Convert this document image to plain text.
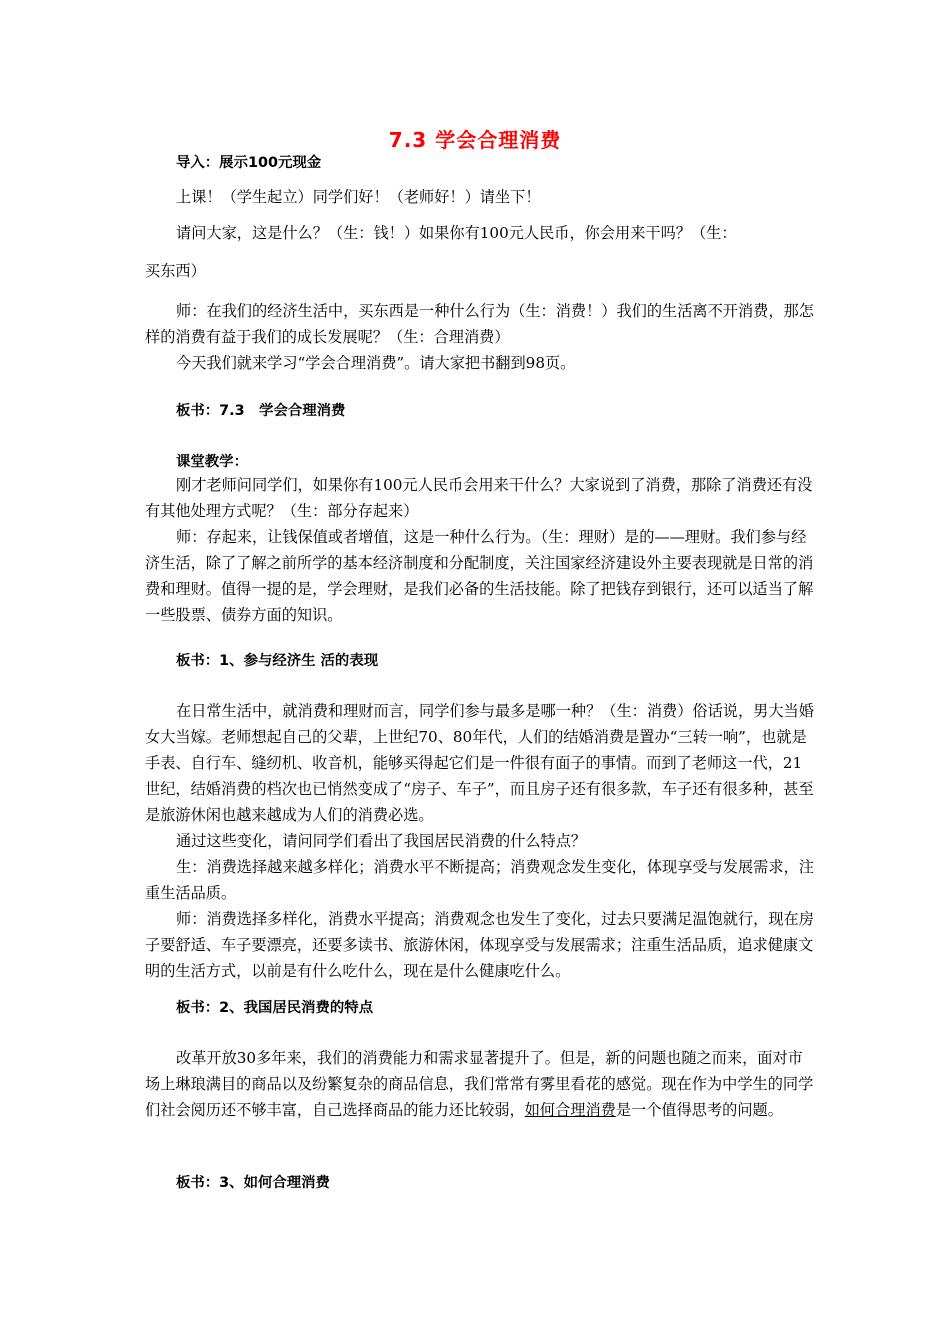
7.3 学会合理消费
导入：展示100元现金

上课！（学生起立）同学们好！（老师好！）请坐下！

请问大家，这是什么？（生：钱！）如果你有100元人民币，你会用来干吗？（生：

买东西）

师：在我们的经济生活中，买东西是一种什么行为（生：消费！）我们的生活离不开消费，那怎样的消费有益于我们的成长发展呢？（生：合理消费）

今天我们就来学习“学会合理消费”。请大家把书翻到98页。

板书：7.3　学会合理消费
课堂教学：

刚才老师问同学们，如果你有100元人民币会用来干什么？大家说到了消费，那除了消费还有没有其他处理方式呢？（生：部分存起来）

师：存起来，让钱保值或者增值，这是一种什么行为。（生：理财）是的——理财。我们参与经济生活，除了了解之前所学的基本经济制度和分配制度，关注国家经济建设外主要表现就是日常的消费和理财。值得一提的是，学会理财，是我们必备的生活技能。除了把钱存到银行，还可以适当了解一些股票、债券方面的知识。

板书：1、参与经济生 活的表现

在日常生活中，就消费和理财而言，同学们参与最多是哪一种？（生：消费）俗话说，男大当婚女大当嫁。老师想起自己的父辈，上世纪70、80年代，人们的结婚消费是置办“三转一响”，也就是手表、自行车、缝纫机、收音机，能够买得起它们是一件很有面子的事情。而到了老师这一代，21世纪，结婚消费的档次也已悄然变成了“房子、车子”，而且房子还有很多款，车子还有很多种，甚至是旅游休闲也越来越成为人们的消费必选。

通过这些变化，请问同学们看出了我国居民消费的什么特点？

生：消费选择越来越多样化；消费水平不断提高；消费观念发生变化，体现享受与发展需求，注重生活品质。

师：消费选择多样化，消费水平提高；消费观念也发生了变化，过去只要满足温饱就行，现在房子要舒适、车子要漂亮，还要多读书、旅游休闲，体现享受与发展需求；注重生活品质，追求健康文明的生活方式，以前是有什么吃什么，现在是什么健康吃什么。

板书：2、我国居民消费的特点

改革开放30多年来，我们的消费能力和需求显著提升了。但是，新的问题也随之而来，面对市场上琳琅满目的商品以及纷繁复杂的商品信息，我们常常有雾里看花的感觉。现在作为中学生的同学们社会阅历还不够丰富，自己选择商品的能力还比较弱，如何合理消费是一个值得思考的问题。

板书：3、如何合理消费
